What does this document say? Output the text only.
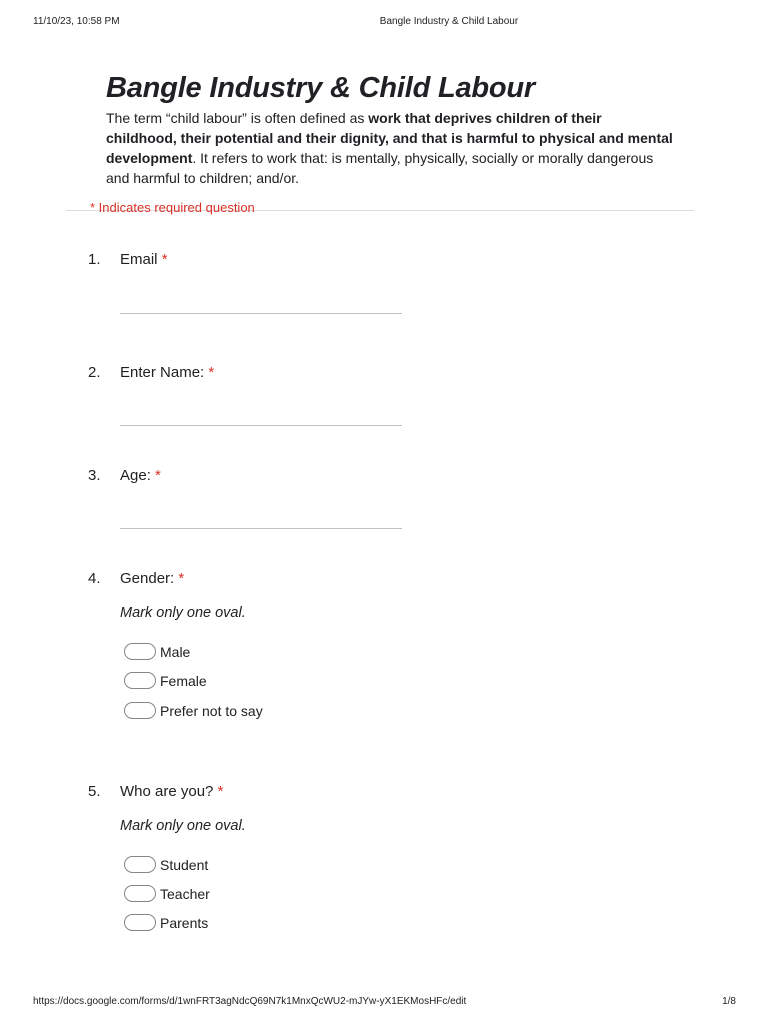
11/10/23, 10:58 PM	Bangle Industry & Child Labour
Bangle Industry & Child Labour
The term “child labour” is often defined as work that deprives children of their childhood, their potential and their dignity, and that is harmful to physical and mental development. It refers to work that: is mentally, physically, socially or morally dangerous and harmful to children; and/or.
* Indicates required question
1. Email *
2. Enter Name: *
3. Age: *
4. Gender: *
Mark only one oval.
Male
Female
Prefer not to say
5. Who are you? *
Mark only one oval.
Student
Teacher
Parents
https://docs.google.com/forms/d/1wnFRT3agNdcQ69N7k1MnxQcWU2-mJYw-yX1EKMosHFc/edit	1/8
